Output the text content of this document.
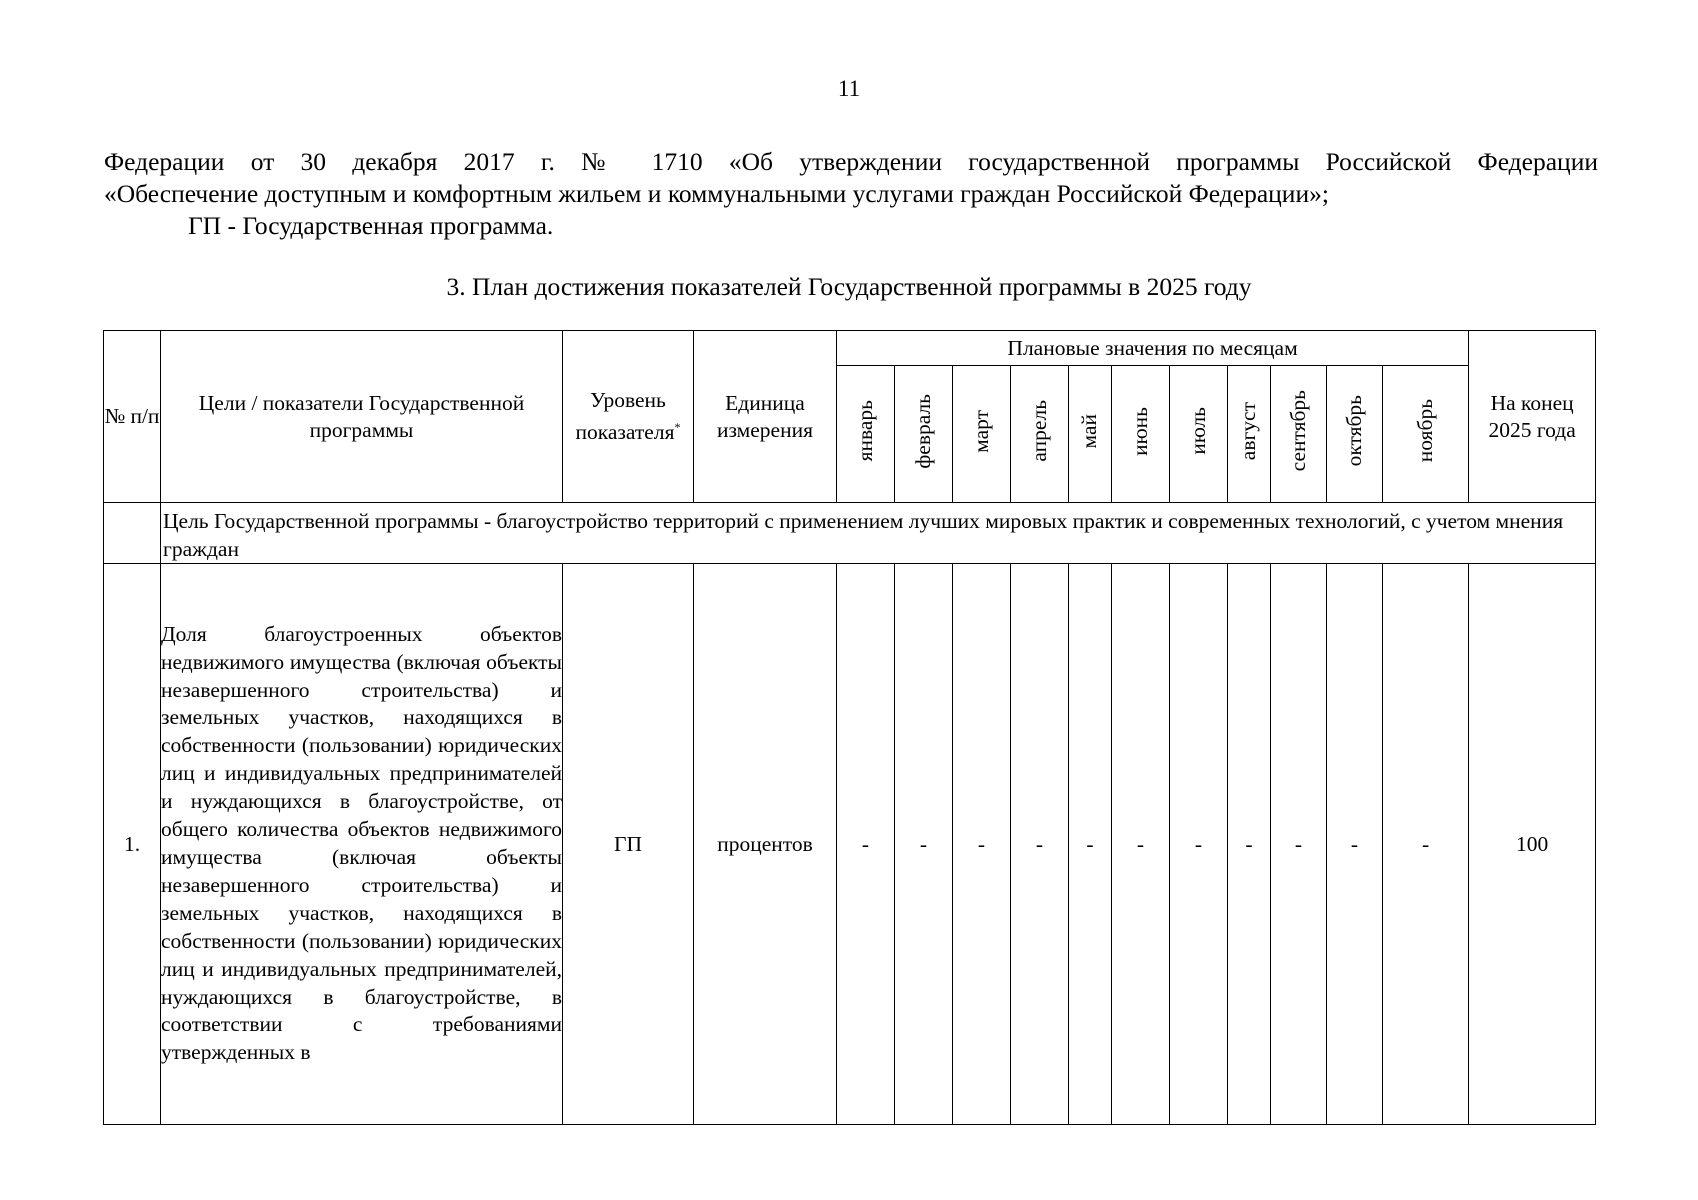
11

Федерации от 30 декабря 2017 г. № 1710 «Об утверждении государственной программы Российской Федерации

«Обеспечение доступным и комфортным жильем и коммунальными услугами граждан Российской Федерации»;

ГП - Государственная программа.

3. План достижения показателей Государственной программы в 2025 году
№ п/п	Цели / показатели Государственной программы	Уровень показателя*	Единица измерения	Плановые значения по месяцам											На конец 2025 года
				январь	февраль	март	апрель	май	июнь	июль	август	сентябрь	октябрь	ноябрь	
	Цель Государственной программы - благоустройство территорий с применением лучших мировых практик и современных технологий, с учетом мнения граждан														
1.	Доля благоустроенных объектов недвижимого имущества (включая объекты незавершенного строительства) и земельных участков, находящихся в собственности (пользовании) юридических лиц и индивидуальных предпринимателей и нуждающихся в благоустройстве, от общего количества объектов недвижимого имущества (включая объекты незавершенного строительства) и земельных участков, находящихся в собственности (пользовании) юридических лиц и индивидуальных предпринимателей, нуждающихся в благоустройстве, в соответствии с требованиями утвержденных в	ГП	процентов	-	-	-	-	-	-	-	-	-	-	-	100
